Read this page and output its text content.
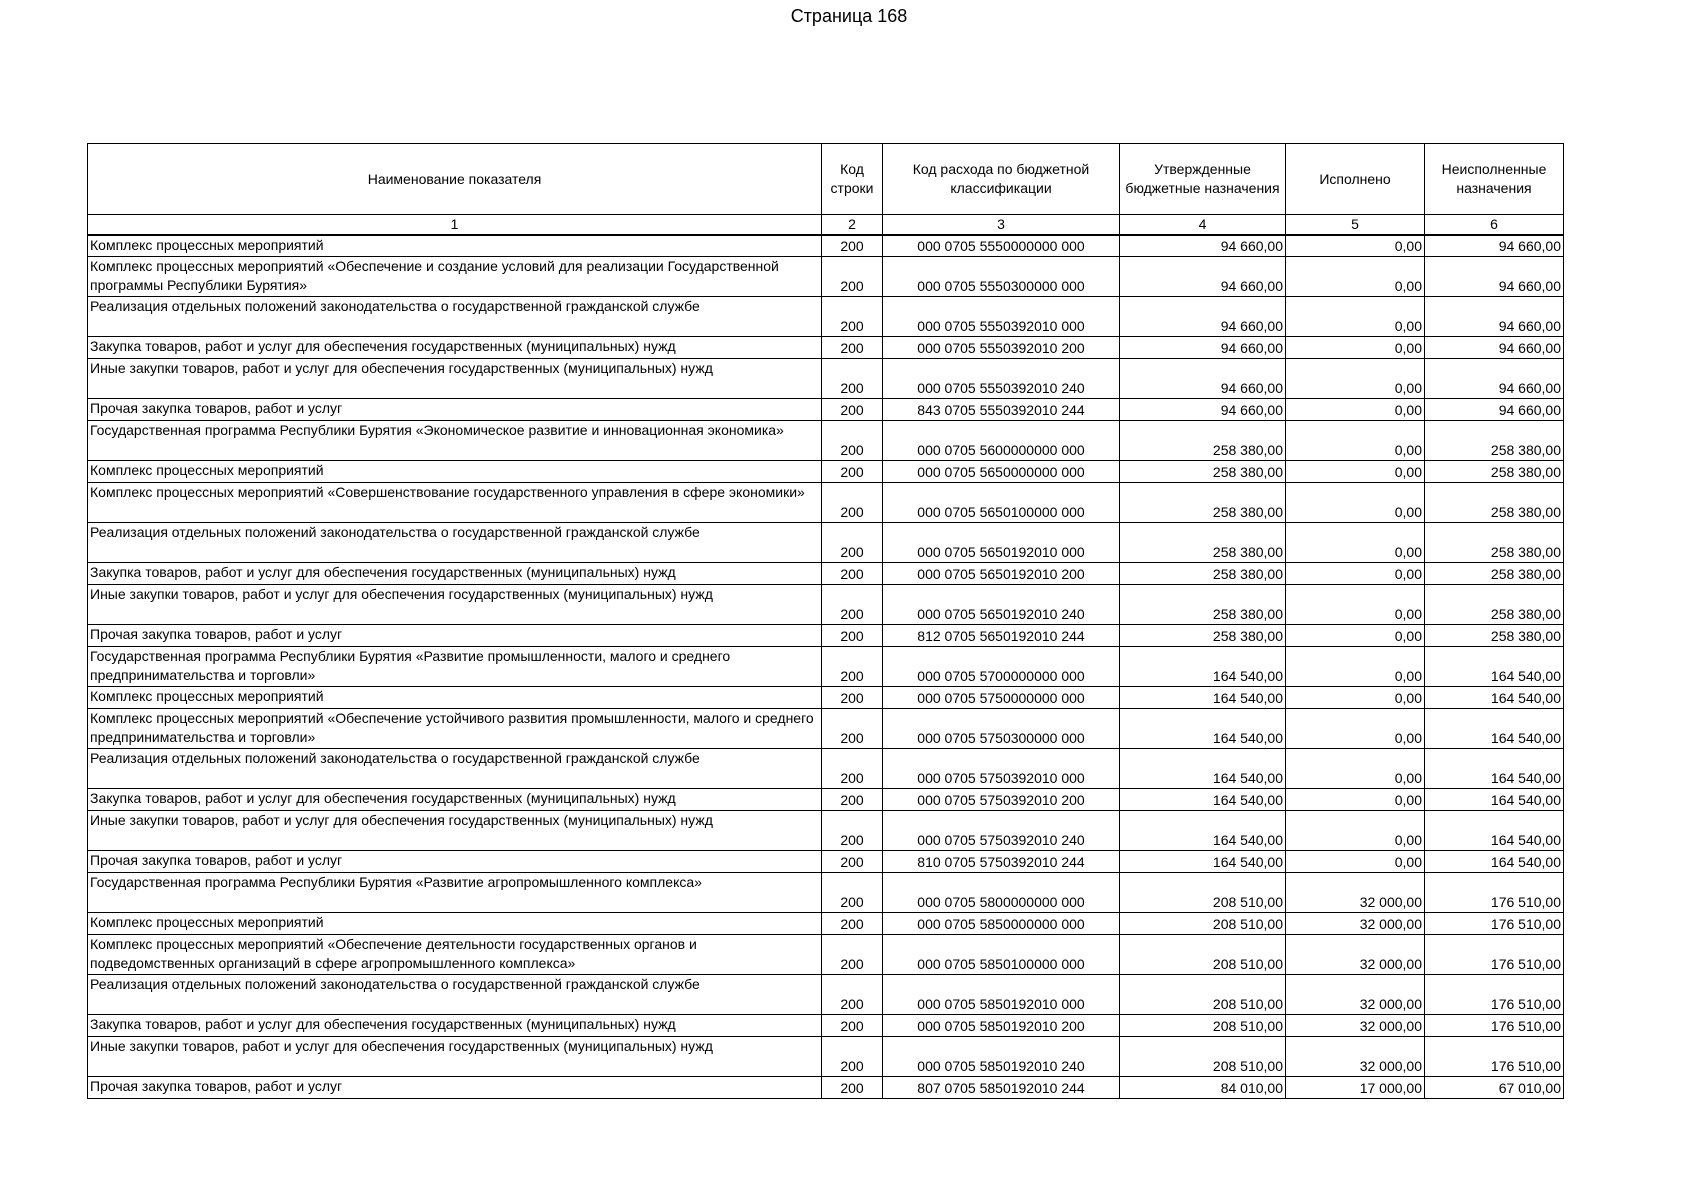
Страница 168
Наименование показателя	Код строки	Код расхода по бюджетной классификации	Утвержденные бюджетные назначения	Исполнено	Неисполненные назначения
1	2	3	4	5	6
Комплекс процессных мероприятий	200	000 0705 5550000000 000	94 660,00	0,00	94 660,00
Комплекс процессных мероприятий «Обеспечение и создание условий для реализации Государственной программы Республики Бурятия»	200	000 0705 5550300000 000	94 660,00	0,00	94 660,00
Реализация отдельных положений законодательства о государственной гражданской службе	200	000 0705 5550392010 000	94 660,00	0,00	94 660,00
Закупка товаров, работ и услуг для обеспечения государственных (муниципальных) нужд	200	000 0705 5550392010 200	94 660,00	0,00	94 660,00
Иные закупки товаров, работ и услуг для обеспечения государственных (муниципальных) нужд	200	000 0705 5550392010 240	94 660,00	0,00	94 660,00
Прочая закупка товаров, работ и услуг	200	843 0705 5550392010 244	94 660,00	0,00	94 660,00
Государственная программа Республики Бурятия «Экономическое развитие и инновационная экономика»	200	000 0705 5600000000 000	258 380,00	0,00	258 380,00
Комплекс процессных мероприятий	200	000 0705 5650000000 000	258 380,00	0,00	258 380,00
Комплекс процессных мероприятий «Совершенствование государственного управления в сфере экономики»	200	000 0705 5650100000 000	258 380,00	0,00	258 380,00
Реализация отдельных положений законодательства о государственной гражданской службе	200	000 0705 5650192010 000	258 380,00	0,00	258 380,00
Закупка товаров, работ и услуг для обеспечения государственных (муниципальных) нужд	200	000 0705 5650192010 200	258 380,00	0,00	258 380,00
Иные закупки товаров, работ и услуг для обеспечения государственных (муниципальных) нужд	200	000 0705 5650192010 240	258 380,00	0,00	258 380,00
Прочая закупка товаров, работ и услуг	200	812 0705 5650192010 244	258 380,00	0,00	258 380,00
Государственная программа Республики Бурятия «Развитие промышленности, малого и среднего предпринимательства и торговли»	200	000 0705 5700000000 000	164 540,00	0,00	164 540,00
Комплекс процессных мероприятий	200	000 0705 5750000000 000	164 540,00	0,00	164 540,00
Комплекс процессных мероприятий «Обеспечение устойчивого развития промышленности, малого и среднего предпринимательства и торговли»	200	000 0705 5750300000 000	164 540,00	0,00	164 540,00
Реализация отдельных положений законодательства о государственной гражданской службе	200	000 0705 5750392010 000	164 540,00	0,00	164 540,00
Закупка товаров, работ и услуг для обеспечения государственных (муниципальных) нужд	200	000 0705 5750392010 200	164 540,00	0,00	164 540,00
Иные закупки товаров, работ и услуг для обеспечения государственных (муниципальных) нужд	200	000 0705 5750392010 240	164 540,00	0,00	164 540,00
Прочая закупка товаров, работ и услуг	200	810 0705 5750392010 244	164 540,00	0,00	164 540,00
Государственная программа Республики Бурятия «Развитие агропромышленного комплекса»	200	000 0705 5800000000 000	208 510,00	32 000,00	176 510,00
Комплекс процессных мероприятий	200	000 0705 5850000000 000	208 510,00	32 000,00	176 510,00
Комплекс процессных мероприятий «Обеспечение деятельности государственных органов и подведомственных организаций в сфере агропромышленного комплекса»	200	000 0705 5850100000 000	208 510,00	32 000,00	176 510,00
Реализация отдельных положений законодательства о государственной гражданской службе	200	000 0705 5850192010 000	208 510,00	32 000,00	176 510,00
Закупка товаров, работ и услуг для обеспечения государственных (муниципальных) нужд	200	000 0705 5850192010 200	208 510,00	32 000,00	176 510,00
Иные закупки товаров, работ и услуг для обеспечения государственных (муниципальных) нужд	200	000 0705 5850192010 240	208 510,00	32 000,00	176 510,00
Прочая закупка товаров, работ и услуг	200	807 0705 5850192010 244	84 010,00	17 000,00	67 010,00
